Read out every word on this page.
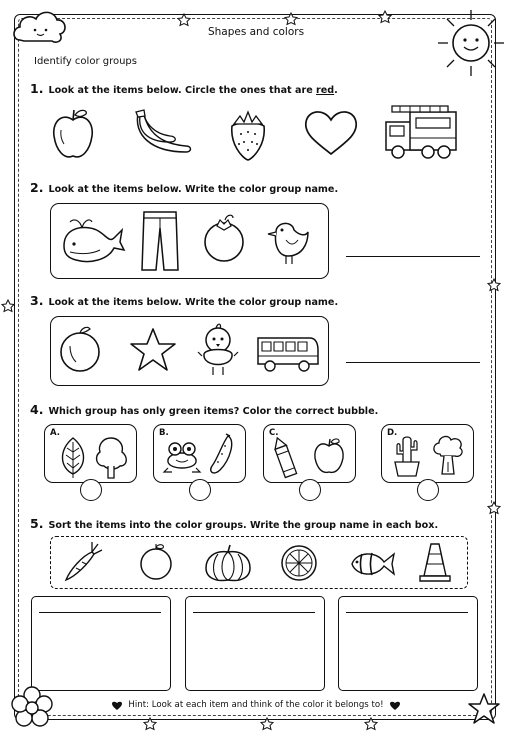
Shapes and colors
Identify color groups
1. Look at the items below. Circle the ones that are red.
2. Look at the items below. Write the color group name.
3. Look at the items below. Write the color group name.
4. Which group has only green items? Color the correct bubble.
A.	B.	C.	D.
5. Sort the items into the color groups. Write the group name in each box.
Hint: Look at each item and think of the color it belongs to!
